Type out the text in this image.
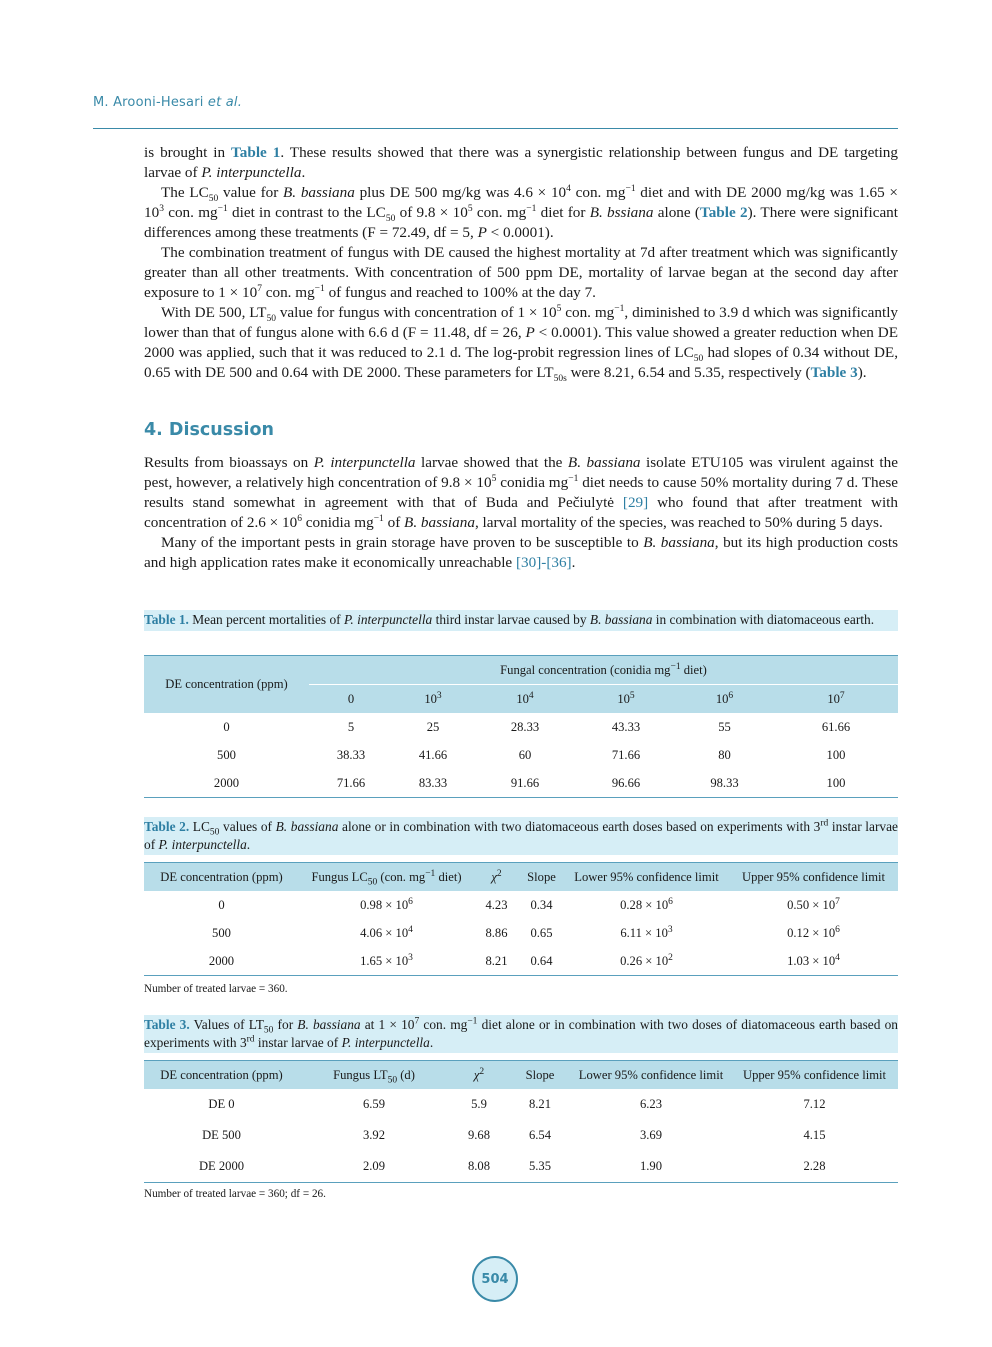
M. Arooni-Hesari et al.

is brought in Table 1. These results showed that there was a synergistic relationship between fungus and DE targeting larvae of P. interpunctella.

The $LC_{50}$ value for B. bassiana plus DE 500 mg/kg was $4.6 \times 10^4$ con. $mg^{-1}$ diet and with DE 2000 mg/kg was $1.65 \times 10^3$ con. $mg^{-1}$ diet in contrast to the $LC_{50}$ of $9.8 \times 10^5$ con. $mg^{-1}$ diet for B. bssiana alone (Table 2). There were significant differences among these treatments (F = 72.49, df = 5, P < 0.0001).

The combination treatment of fungus with DE caused the highest mortality at 7d after treatment which was significantly greater than all other treatments. With concentration of 500 ppm DE, mortality of larvae began at the second day after exposure to $1 \times 10^7$ con. $mg^{-1}$ of fungus and reached to 100% at the day 7.

With DE 500, $LT_{50}$ value for fungus with concentration of $1 \times 10^5$ con. $mg^{-1}$, diminished to 3.9 d which was significantly lower than that of fungus alone with 6.6 d (F = 11.48, df = 26, P < 0.0001). This value showed a greater reduction when DE 2000 was applied, such that it was reduced to 2.1 d. The log-probit regression lines of $LC_{50}$ had slopes of 0.34 without DE, 0.65 with DE 500 and 0.64 with DE 2000. These parameters for $LT_{50s}$ were 8.21, 6.54 and 5.35, respectively (Table 3).

4. Discussion

Results from bioassays on P. interpunctella larvae showed that the B. bassiana isolate ETU105 was virulent against the pest, however, a relatively high concentration of $9.8 \times 10^5$ conidia $mg^{-1}$ diet needs to cause 50% mortality during 7 d. These results stand somewhat in agreement with that of Buda and Pečiulytė [29] who found that after treatment with concentration of $2.6 \times 10^6$ conidia $mg^{-1}$ of B. bassiana, larval mortality of the species, was reached to 50% during 5 days.

Many of the important pests in grain storage have proven to be susceptible to B. bassiana, but its high production costs and high application rates make it economically unreachable [30]-[36].

Table 1. Mean percent mortalities of P. interpunctella third instar larvae caused by B. bassiana in combination with diatomaceous earth.
DE concentration (ppm)	Fungal concentration (conidia $mg^{-1}$ diet)					
	0	$10^3$	$10^4$	$10^5$	$10^6$	$10^7$
0	5	25	28.33	43.33	55	61.66
500	38.33	41.66	60	71.66	80	100
2000	71.66	83.33	91.66	96.66	98.33	100
Table 2. $LC_{50}$ values of B. bassiana alone or in combination with two diatomaceous earth doses based on experiments with 3rd instar larvae of P. interpunctella.
DE concentration (ppm)	Fungus $LC_{50}$ (con. $mg^{-1}$ diet)	$\chi^2$	Slope	Lower 95% confidence limit	Upper 95% confidence limit
0	$0.98 \times 10^6$	4.23	0.34	$0.28 \times 10^6$	$0.50 \times 10^7$
500	$4.06 \times 10^4$	8.86	0.65	$6.11 \times 10^3$	$0.12 \times 10^6$
2000	$1.65 \times 10^3$	8.21	0.64	$0.26 \times 10^2$	$1.03 \times 10^4$
Number of treated larvae = 360.
Table 3. Values of $LT_{50}$ for B. bassiana at $1 \times 10^7$ con. $mg^{-1}$ diet alone or in combination with two doses of diatomaceous earth based on experiments with 3rd instar larvae of P. interpunctella.
DE concentration (ppm)	Fungus $LT_{50}$ (d)	$\chi^2$	Slope	Lower 95% confidence limit	Upper 95% confidence limit
DE 0	6.59	5.9	8.21	6.23	7.12
DE 500	3.92	9.68	6.54	3.69	4.15
DE 2000	2.09	8.08	5.35	1.90	2.28
Number of treated larvae = 360; df = 26.
504
